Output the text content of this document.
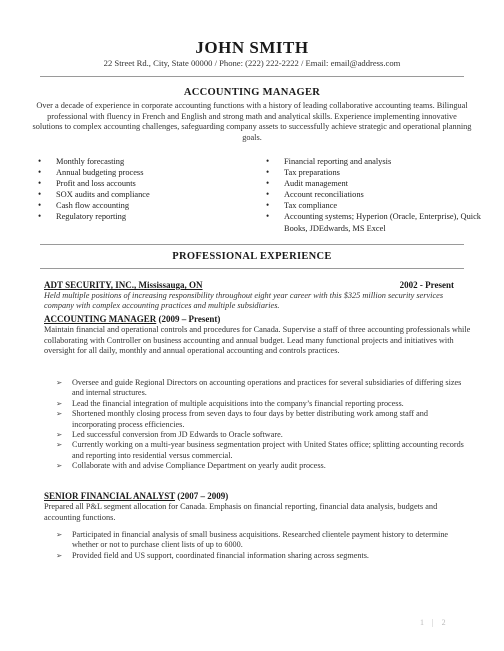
JOHN SMITH
22 Street Rd., City, State 00000 / Phone: (222) 222-2222 / Email: email@address.com
ACCOUNTING MANAGER
Over a decade of experience in corporate accounting functions with a history of leading collaborative accounting teams. Bilingual professional with fluency in French and English and strong math and analytical skills. Experience implementing innovative solutions to complex accounting challenges, safeguarding company assets to successfully achieve strategic and operational planning goals.
• Monthly forecasting
• Annual budgeting process
• Profit and loss accounts
• SOX audits and compliance
• Cash flow accounting
• Regulatory reporting
• Financial reporting and analysis
• Tax preparations
• Audit management
• Account reconciliations
• Tax compliance
• Accounting systems; Hyperion (Oracle, Enterprise), Quick Books, JDEdwards, MS Excel
PROFESSIONAL EXPERIENCE
ADT SECURITY, INC., Mississauga, ON	2002 - Present
Held multiple positions of increasing responsibility throughout eight year career with this $325 million security services company with complex accounting practices and multiple subsidiaries.
ACCOUNTING MANAGER (2009 – Present)
Maintain financial and operational controls and procedures for Canada. Supervise a staff of three accounting professionals while collaborating with Controller on business accounting and annual budget. Lead many functional projects and initiatives with oversight for all daily, monthly and annual operational accounting and controls practices.
➢ Oversee and guide Regional Directors on accounting operations and practices for several subsidiaries of differing sizes and internal structures.
➢ Lead the financial integration of multiple acquisitions into the company’s financial reporting process.
➢ Shortened monthly closing process from seven days to four days by better distributing work among staff and incorporating process efficiencies.
➢ Led successful conversion from JD Edwards to Oracle software.
➢ Currently working on a multi-year business segmentation project with United States office; splitting accounting records and reporting into residential versus commercial.
➢ Collaborate with and advise Compliance Department on yearly audit process.
SENIOR FINANCIAL ANALYST (2007 – 2009)
Prepared all P&L segment allocation for Canada. Emphasis on financial reporting, financial data analysis, budgets and accounting functions.
➢ Participated in financial analysis of small business acquisitions. Researched clientele payment history to determine whether or not to purchase client lists of up to 6000.
➢ Provided field and US support, coordinated financial information sharing across segments.
1 | 2
